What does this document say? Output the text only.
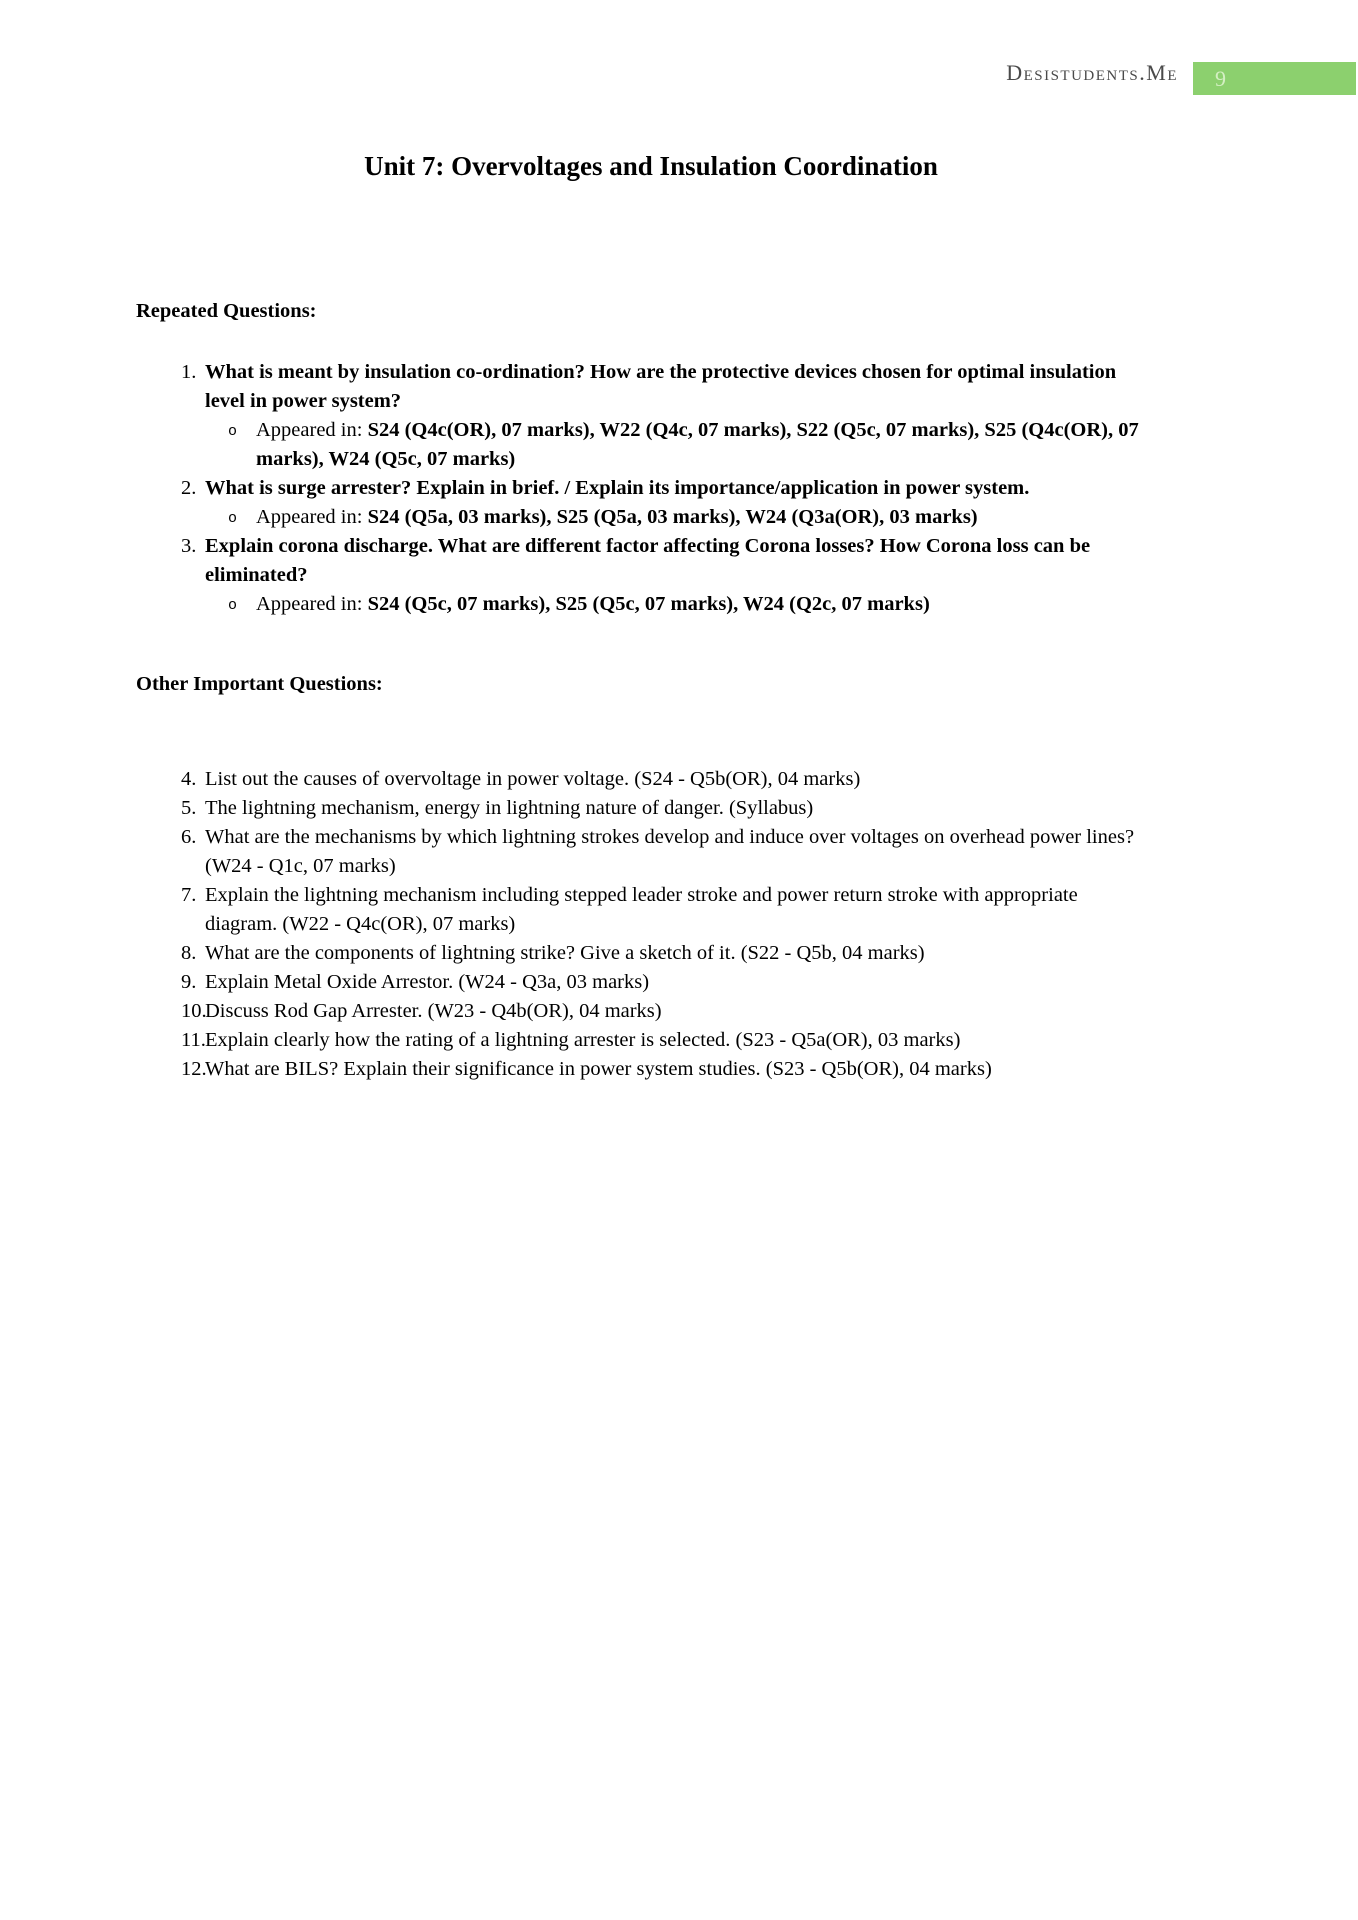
Desistudents.Me	9
Unit 7: Overvoltages and Insulation Coordination
Repeated Questions:
1. What is meant by insulation co-ordination? How are the protective devices chosen for optimal insulation level in power system?
o Appeared in: S24 (Q4c(OR), 07 marks), W22 (Q4c, 07 marks), S22 (Q5c, 07 marks), S25 (Q4c(OR), 07 marks), W24 (Q5c, 07 marks)
2. What is surge arrester? Explain in brief. / Explain its importance/application in power system.
o Appeared in: S24 (Q5a, 03 marks), S25 (Q5a, 03 marks), W24 (Q3a(OR), 03 marks)
3. Explain corona discharge. What are different factor affecting Corona losses? How Corona loss can be eliminated?
o Appeared in: S24 (Q5c, 07 marks), S25 (Q5c, 07 marks), W24 (Q2c, 07 marks)
Other Important Questions:
4. List out the causes of overvoltage in power voltage. (S24 - Q5b(OR), 04 marks)
5. The lightning mechanism, energy in lightning nature of danger. (Syllabus)
6. What are the mechanisms by which lightning strokes develop and induce over voltages on overhead power lines? (W24 - Q1c, 07 marks)
7. Explain the lightning mechanism including stepped leader stroke and power return stroke with appropriate diagram. (W22 - Q4c(OR), 07 marks)
8. What are the components of lightning strike? Give a sketch of it. (S22 - Q5b, 04 marks)
9. Explain Metal Oxide Arrestor. (W24 - Q3a, 03 marks)
10.
Discuss Rod Gap Arrester. (W23 - Q4b(OR), 04 marks)
11. Explain clearly how the rating of a lightning arrester is selected. (S23 - Q5a(OR), 03 marks)
12.
What are BILS? Explain their significance in power system studies. (S23 - Q5b(OR), 04 marks)
